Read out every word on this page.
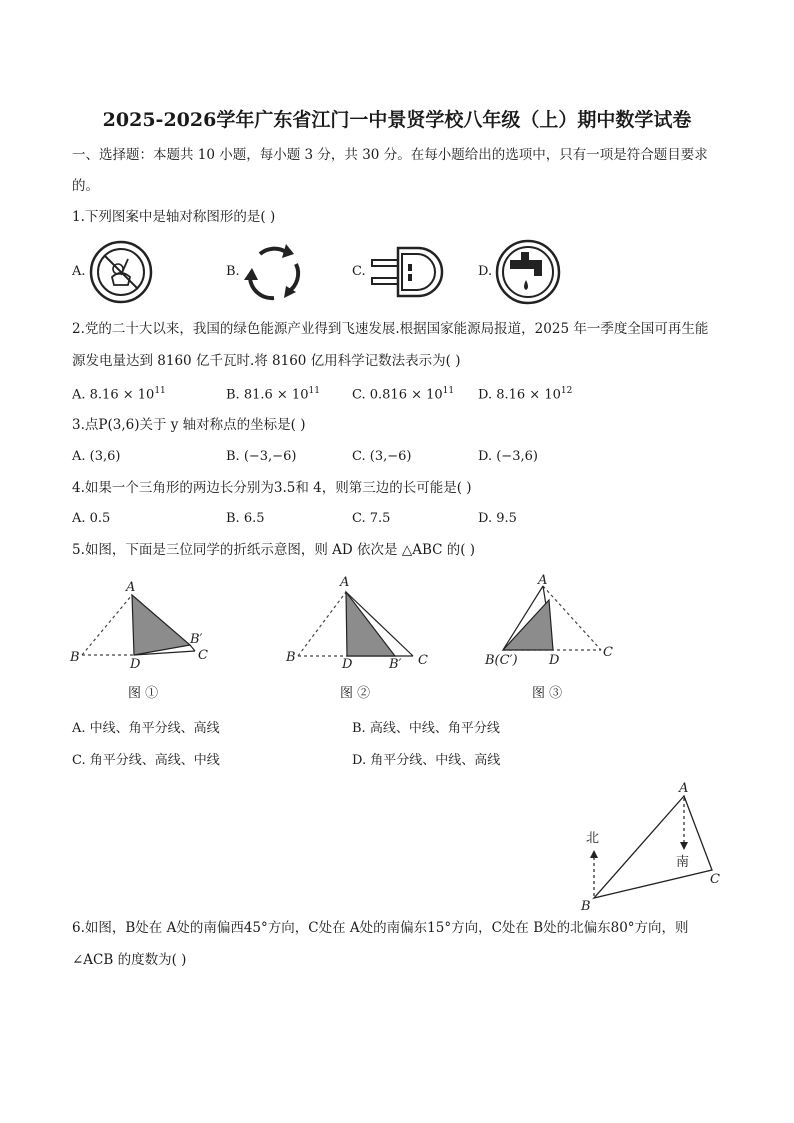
2025-2026学年广东省江门一中景贤学校八年级（上）期中数学试卷
一、选择题：本题共 10 小题，每小题 3 分，共 30 分。在每小题给出的选项中，只有一项是符合题目要求
的。
1.下列图案中是轴对称图形的是( )
A.	B.	C.	D.
2.党的二十大以来，我国的绿色能源产业得到飞速发展.根据国家能源局报道，2025 年一季度全国可再生能
源发电量达到 8160 亿千瓦时.将 8160 亿用科学记数法表示为( )
A. $8.16 \times 10^{11}$	B. $81.6 \times 10^{11}$ C. $0.816 \times 10^{11}$ D. $8.16 \times 10^{12}$
3.点P(3,6)关于 y 轴对称点的坐标是( )
A. (3,6)	B. (−3,−6)	C. (3,−6)	D. (−3,6)
4.如果一个三角形的两边长分别为3.5和 4，则第三边的长可能是( )
A. 0.5	B. 6.5	C. 7.5	D. 9.5
5.如图，下面是三位同学的折纸示意图，则 AD 依次是 △ABC 的( )
A
B	D
C
B′
图 ①
A
B	D	B′ C
图 ②
A
B(C′) D
C
图 ③
A. 中线、角平分线、高线	B. 高线、中线、角平分线
C. 角平分线、高线、中线	D. 角平分线、中线、高线
A
B
C
北
南
6.如图，B处在 A处的南偏西45°方向，C处在 A处的南偏东15°方向，C处在 B处的北偏东80°方向，则
∠ACB 的度数为( )
